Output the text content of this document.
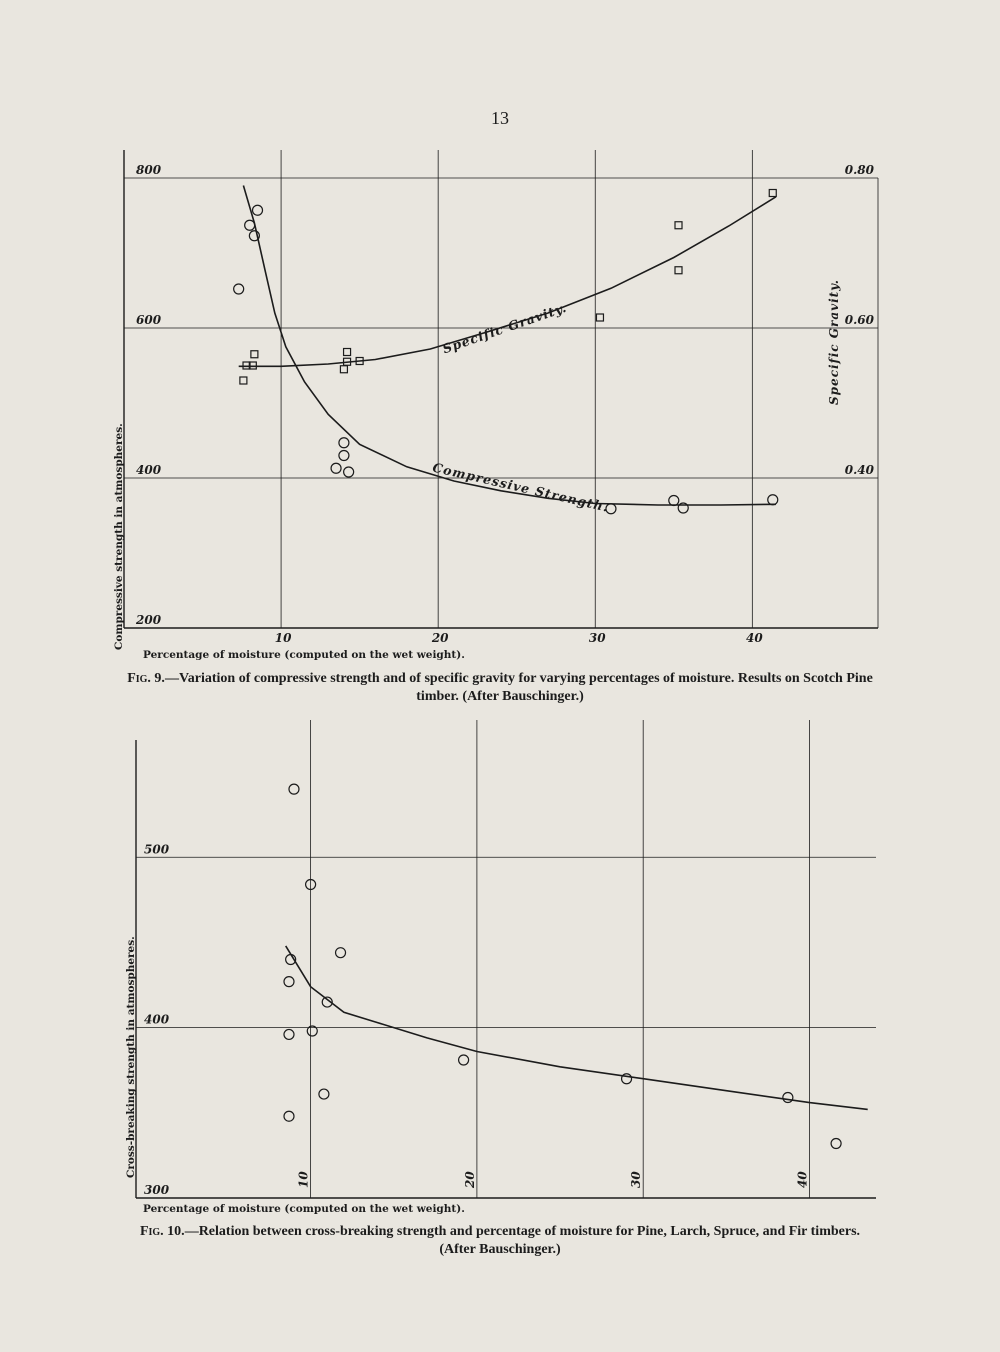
13
200
400
600
800
0.40
0.60
0.80
10	20	30	40
Percentage of moisture (computed on the wet weight).
Compressive strength in atmospheres.
Specific Gravity.
Compressive Strength.
Specific Gravity.
300
400
500
10	20	30	40
Percentage of moisture (computed on the wet weight).
Cross-breaking strength in atmospheres.
Fig. 9.—Variation of compressive strength and of specific gravity for varying percentages of moisture. Results on Scotch Pine timber. (After Bauschinger.)
Fig. 10.—Relation between cross-breaking strength and percentage of moisture for Pine, Larch, Spruce, and Fir timbers. (After Bauschinger.)
